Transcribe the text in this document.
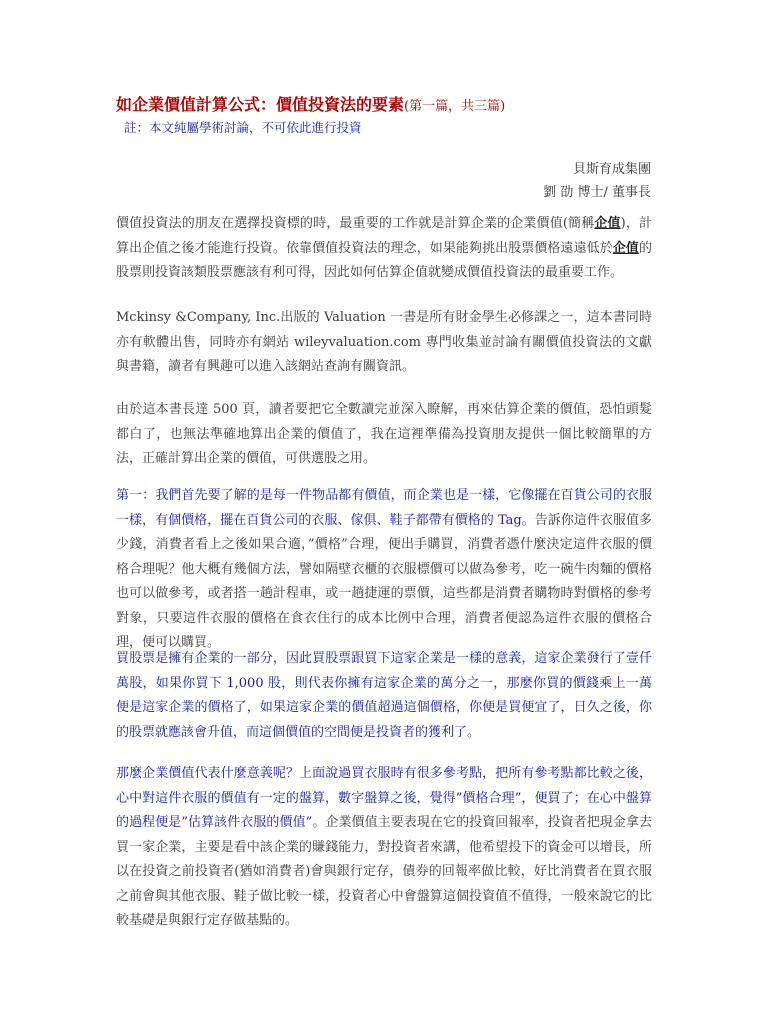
如企業價值計算公式：價值投資法的要素(第一篇，共三篇)
註：本文純屬學術討論，不可依此進行投資
貝斯育成集團
劉 劭 博士/ 董事長
價值投資法的朋友在選擇投資標的時，最重要的工作就是計算企業的企業價值(簡稱企值)，計算出企值之後才能進行投資。依靠價值投資法的理念，如果能夠挑出股票價格遠遠低於企值的股票則投資該類股票應該有利可得，因此如何估算企值就變成價值投資法的最重要工作。
Mckinsy &Company, Inc.出版的 Valuation 一書是所有財金學生必修課之一，這本書同時亦有軟體出售，同時亦有網站 wileyvaluation.com 專門收集並討論有關價值投資法的文獻與書籍，讀者有興趣可以進入該網站查詢有關資訊。
由於這本書長達 500 頁，讀者要把它全數讀完並深入瞭解，再來估算企業的價值，恐怕頭髮都白了，也無法準確地算出企業的價值了，我在這裡準備為投資朋友提供一個比較簡單的方法，正確計算出企業的價值，可供選股之用。
第一：我們首先要了解的是每一件物品都有價值，而企業也是一樣，它像擺在百貨公司的衣服一樣，有個價格，擺在百貨公司的衣服、傢俱、鞋子都帶有價格的 Tag。告訴你這件衣服值多少錢，消費者看上之後如果合適，”價格”合理，便出手購買，消費者憑什麼決定這件衣服的價格合理呢？他大概有幾個方法，譬如隔壁衣櫃的衣服標價可以做為參考，吃一碗牛肉麵的價格也可以做參考，或者搭一趟計程車，或一趟捷運的票價，這些都是消費者購物時對價格的參考對象，只要這件衣服的價格在食衣住行的成本比例中合理，消費者便認為這件衣服的價格合理，便可以購買。
買股票是擁有企業的一部分，因此買股票跟買下這家企業是一樣的意義，這家企業發行了壹仟萬股，如果你買下 1,000 股，則代表你擁有這家企業的萬分之一，那麼你買的價錢乘上一萬便是這家企業的價格了，如果這家企業的價值超過這個價格，你便是買便宜了，日久之後，你的股票就應該會升值，而這個價值的空間便是投資者的獲利了。
那麼企業價值代表什麼意義呢？上面說過買衣服時有很多參考點，把所有參考點都比較之後，心中對這件衣服的價值有一定的盤算，數字盤算之後，覺得”價格合理”，便買了；在心中盤算的過程便是”估算該件衣服的價值”。企業價值主要表現在它的投資回報率，投資者把現金拿去買一家企業，主要是看中該企業的賺錢能力，對投資者來講，他希望投下的資金可以增長，所以在投資之前投資者(猶如消費者)會與銀行定存，債券的回報率做比較，好比消費者在買衣服之前會與其他衣服、鞋子做比較一樣，投資者心中會盤算這個投資值不值得，一般來說它的比較基礎是與銀行定存做基點的。
